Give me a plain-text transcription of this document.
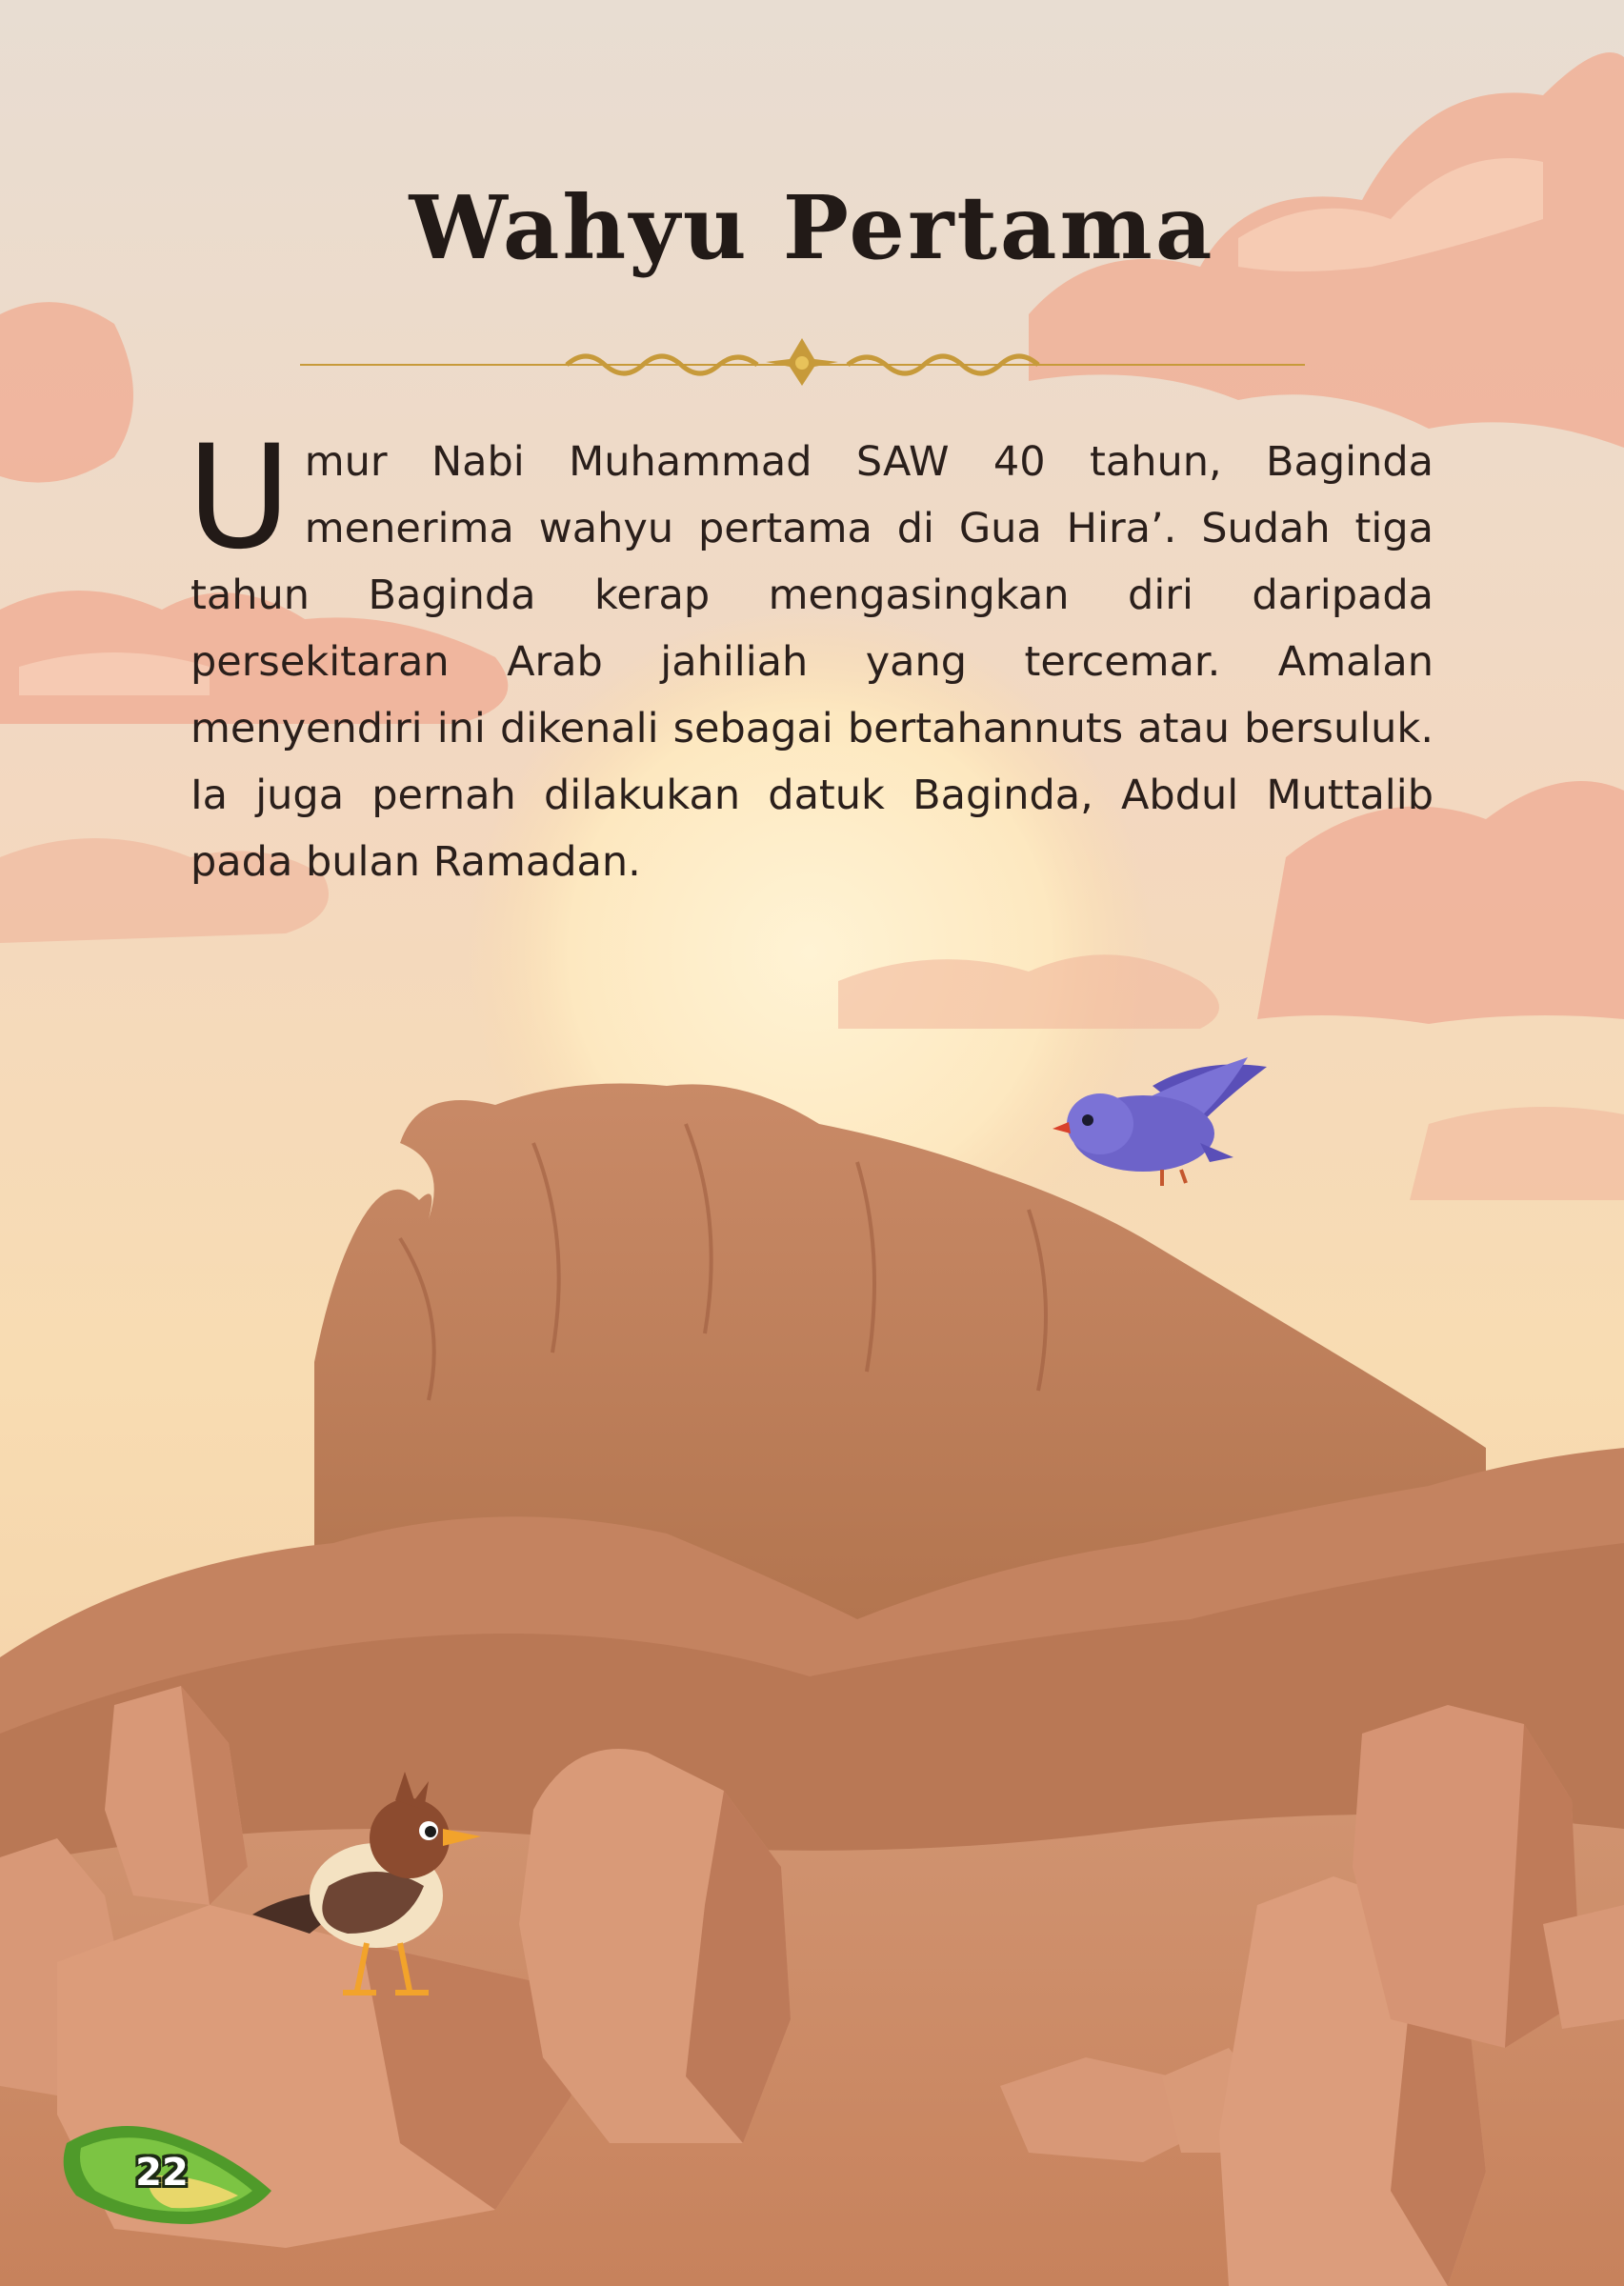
Wahyu Pertama
Umur Nabi Muhammad SAW 40 tahun, Baginda menerima wahyu pertama di Gua Hira’. Sudah tiga tahun Baginda kerap mengasingkan diri daripada persekitaran Arab jahiliah yang tercemar. Amalan menyendiri ini dikenali sebagai bertahannuts atau bersuluk. Ia juga pernah dilakukan datuk Baginda, Abdul Muttalib pada bulan Ramadan.
22
